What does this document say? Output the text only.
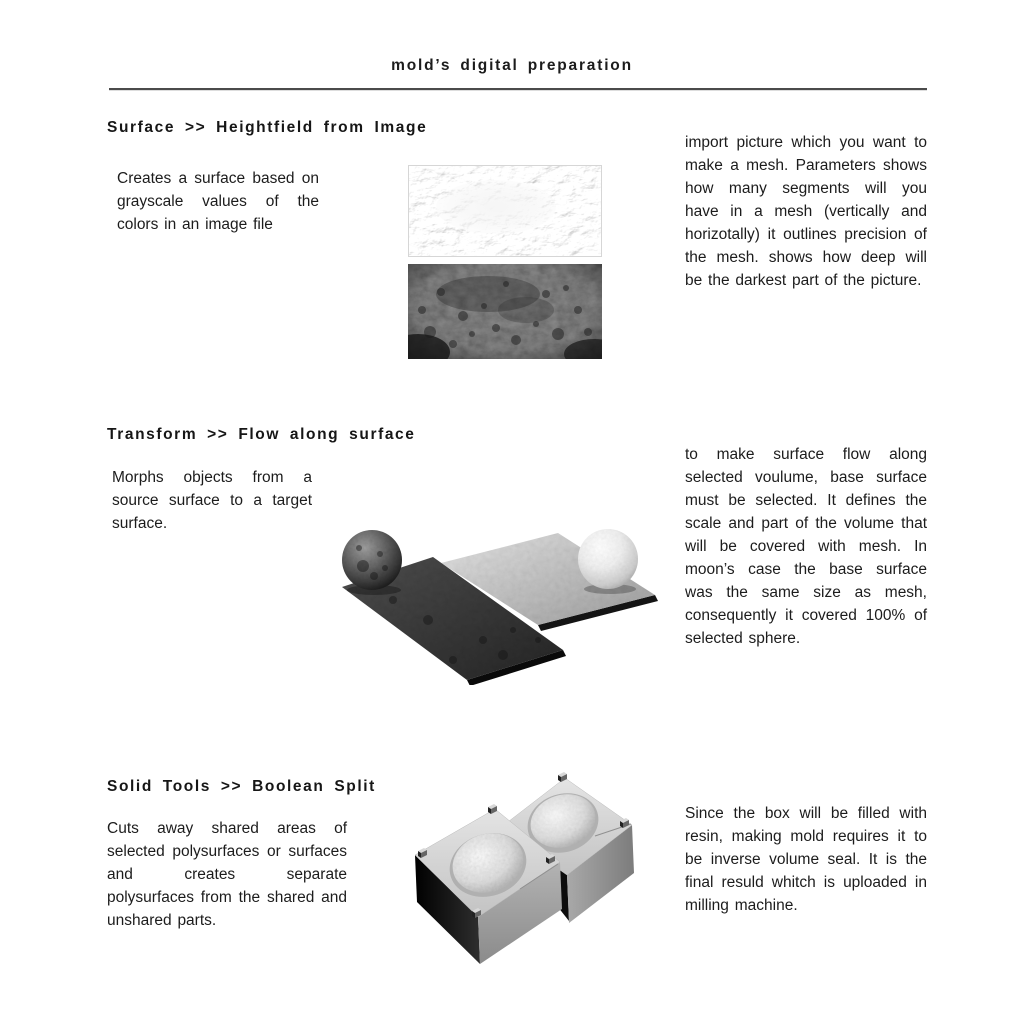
mold’s digital preparation
Surface >> Heightfield from Image

Creates a surface based on grayscale values of the colors in an image file

import picture which you want to make a mesh. Parameters shows how many segments will you have in a mesh (vertically and horizotally) it outlines precision of the mesh. shows how deep will be the darkest part of the picture.

Transform >> Flow along surface

Morphs objects from a source surface to a target surface.

to make surface flow along selected voulume, base surface must be selected. It defines the scale and part of the volume that will be covered with mesh. In moon’s case the base surface was the same size as mesh, consequently it covered 100% of selected sphere.

Solid Tools >> Boolean Split

Cuts away shared areas of selected polysurfaces or surfaces and creates separate polysurfaces from the shared and unshared parts.

Since the box will be filled with resin, making mold requires it to be inverse volume seal. It is the final resuld whitch is uploaded in milling machine.
